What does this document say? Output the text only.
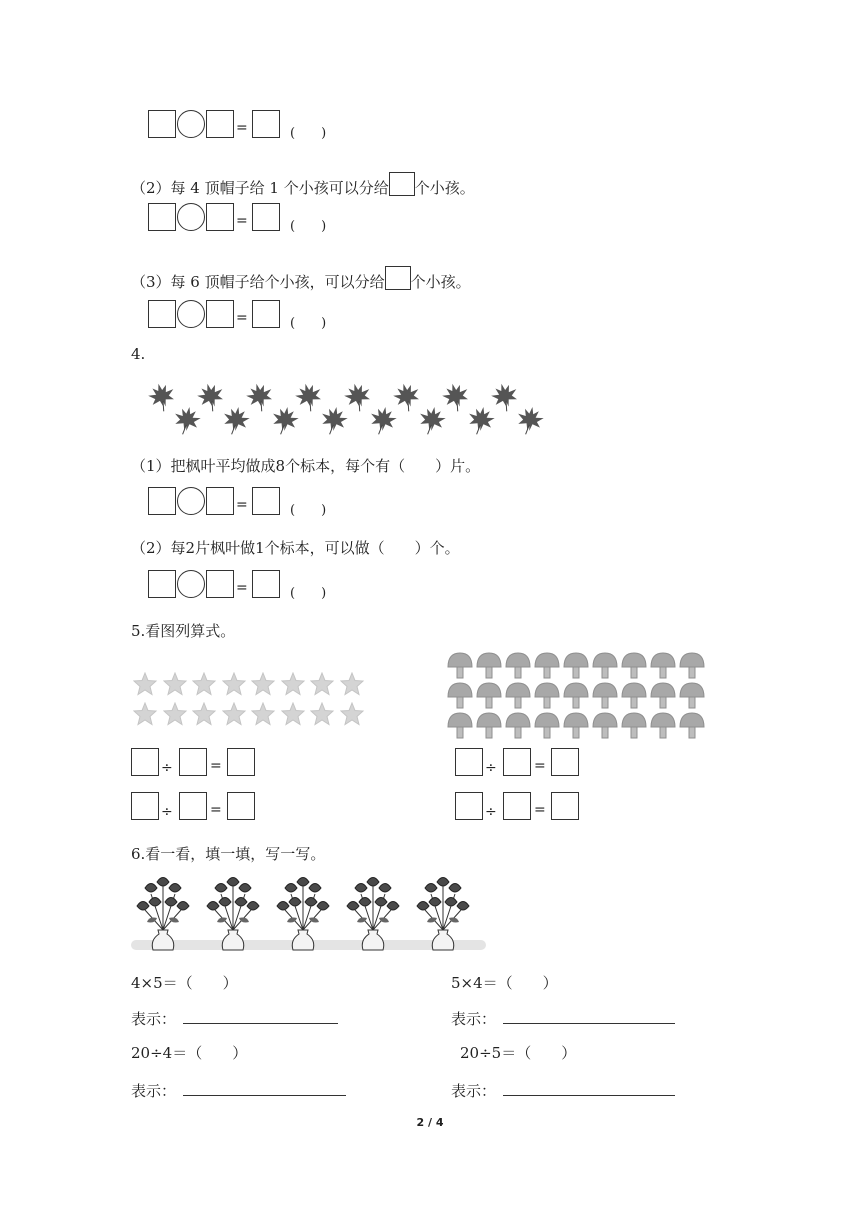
=	(　　)
（2）每 4 顶帽子给 1 个小孩可以分给 个小孩。
=	(　　)
（3）每 6 顶帽子给个小孩，可以分给 个小孩。
=	(　　)
4.
（1）把枫叶平均做成8个标本，每个有（　　）片。
=	(　　)
（2）每2片枫叶做1个标本，可以做（　　）个。
=	(　　)
5.看图列算式。
÷	=
÷	=
÷	=
÷	=
6.看一看，填一填，写一写。
4×5＝（　　）	5×4＝（　　）
表示：	表示：
20÷4＝（　　）	20÷5＝（　　）
表示：	表示：
2 / 4
